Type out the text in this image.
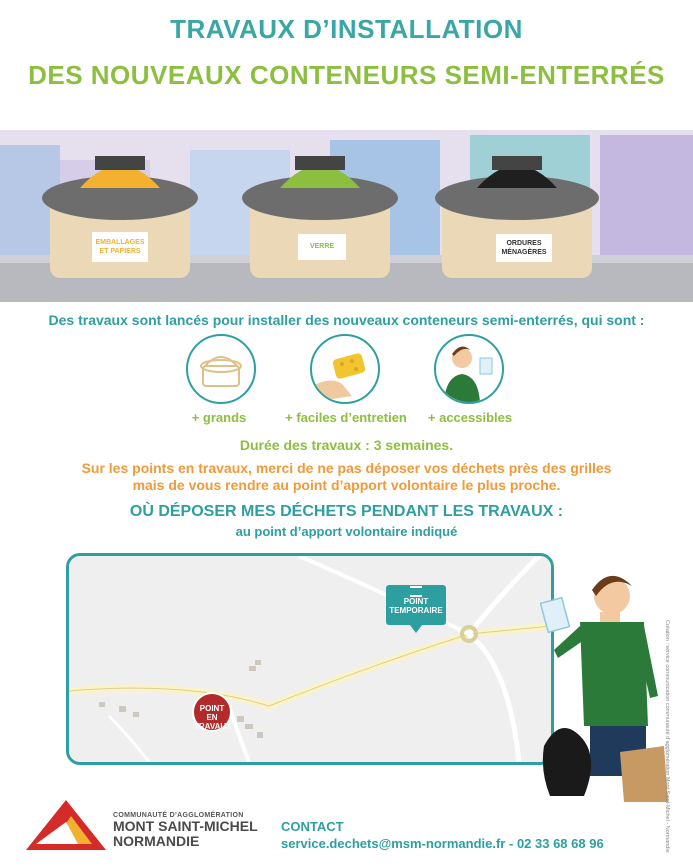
TRAVAUX D’INSTALLATION
DES NOUVEAUX CONTENEURS SEMI-ENTERRÉS
EMBALLAGES
ET PAPIERS
VERRE	ORDURES
MÉNAGÈRES
Des travaux sont lancés pour installer des nouveaux conteneurs semi-enterrés, qui sont :
+ grands	+ faciles d’entretien	+ accessibles
Durée des travaux : 3 semaines.
Sur les points en travaux, merci de ne pas déposer vos déchets près des grilles
mais de vous rendre au point d’apport volontaire le plus proche.
OÙ DÉPOSER MES DÉCHETS PENDANT LES TRAVAUX :
au point d’apport volontaire indiqué
POINT
TEMPORAIRE
POINT
EN TRAVAUX
COMMUNAUTÉ D’AGGLOMÉRATION
MONT SAINT-MICHEL
NORMANDIE
CONTACT
service.dechets@msm-normandie.fr - 02 33 68 68 96	Création : service communication communauté d’agglomération Mont Saint-Michel - Normandie
